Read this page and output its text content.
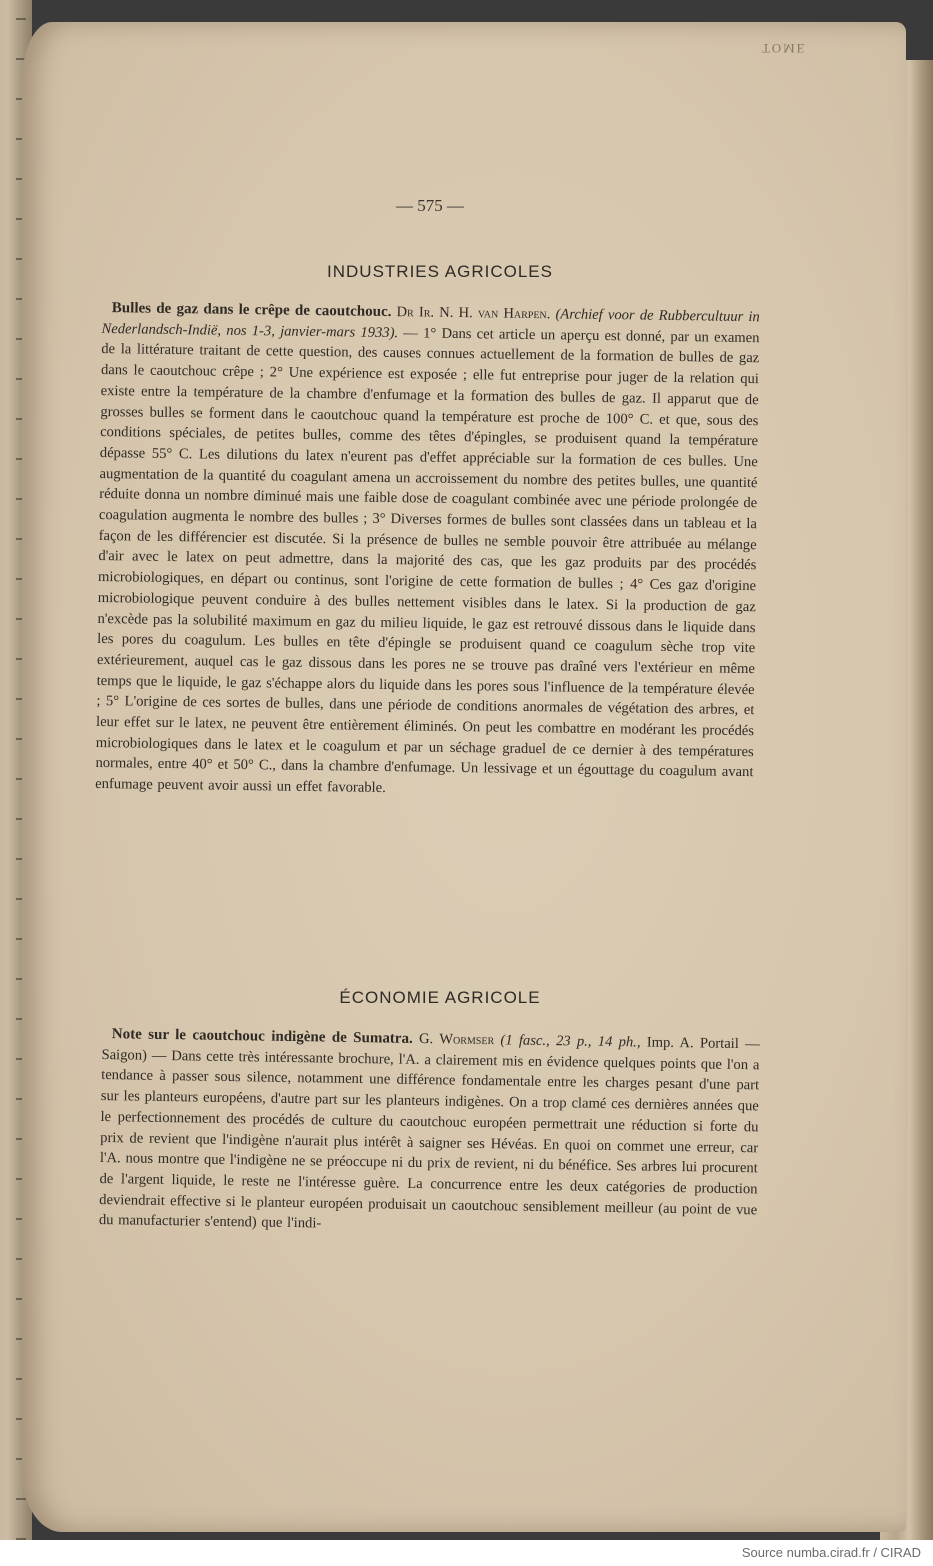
TOME
— 575 —
INDUSTRIES AGRICOLES

Bulles de gaz dans le crêpe de caoutchouc. Dr Ir. N. H. van Harpen. (Archief voor de Rubbercultuur in Nederlandsch-Indië, nos 1-3, janvier-mars 1933). — 1° Dans cet article un aperçu est donné, par un examen de la littérature traitant de cette question, des causes connues actuellement de la formation de bulles de gaz dans le caoutchouc crêpe ; 2° Une expérience est exposée ; elle fut entreprise pour juger de la relation qui existe entre la température de la chambre d'enfumage et la formation des bulles de gaz. Il apparut que de grosses bulles se forment dans le caoutchouc quand la température est proche de 100° C. et que, sous des conditions spéciales, de petites bulles, comme des têtes d'épingles, se produisent quand la température dépasse 55° C. Les dilutions du latex n'eurent pas d'effet appréciable sur la formation de ces bulles. Une augmentation de la quantité du coagulant amena un accroissement du nombre des petites bulles, une quantité réduite donna un nombre diminué mais une faible dose de coagulant combinée avec une période prolongée de coagulation augmenta le nombre des bulles ; 3° Diverses formes de bulles sont classées dans un tableau et la façon de les différencier est discutée. Si la présence de bulles ne semble pouvoir être attribuée au mélange d'air avec le latex on peut admettre, dans la majorité des cas, que les gaz produits par des procédés microbiologiques, en départ ou continus, sont l'origine de cette formation de bulles ; 4° Ces gaz d'origine microbiologique peuvent conduire à des bulles nettement visibles dans le latex. Si la production de gaz n'excède pas la solubilité maximum en gaz du milieu liquide, le gaz est retrouvé dissous dans le liquide dans les pores du coagulum. Les bulles en tête d'épingle se produisent quand ce coagulum sèche trop vite extérieurement, auquel cas le gaz dissous dans les pores ne se trouve pas draîné vers l'extérieur en même temps que le liquide, le gaz s'échappe alors du liquide dans les pores sous l'influence de la température élevée ; 5° L'origine de ces sortes de bulles, dans une période de conditions anormales de végétation des arbres, et leur effet sur le latex, ne peuvent être entièrement éliminés. On peut les combattre en modérant les procédés microbiologiques dans le latex et le coagulum et par un séchage graduel de ce dernier à des températures normales, entre 40° et 50° C., dans la chambre d'enfumage. Un lessivage et un égouttage du coagulum avant enfumage peuvent avoir aussi un effet favorable.

ÉCONOMIE AGRICOLE

Note sur le caoutchouc indigène de Sumatra. G. Wormser (1 fasc., 23 p., 14 ph., Imp. A. Portail — Saigon) — Dans cette très intéressante brochure, l'A. a clairement mis en évidence quelques points que l'on a tendance à passer sous silence, notamment une différence fondamentale entre les charges pesant d'une part sur les planteurs européens, d'autre part sur les planteurs indigènes. On a trop clamé ces dernières années que le perfectionnement des procédés de culture du caoutchouc européen permettrait une réduction si forte du prix de revient que l'indigène n'aurait plus intérêt à saigner ses Hévéas. En quoi on commet une erreur, car l'A. nous montre que l'indigène ne se préoccupe ni du prix de revient, ni du bénéfice. Ses arbres lui procurent de l'argent liquide, le reste ne l'intéresse guère. La concurrence entre les deux catégories de production deviendrait effective si le planteur européen produisait un caoutchouc sensiblement meilleur (au point de vue du manufacturier s'entend) que l'indi-

Source numba.cirad.fr / CIRAD
